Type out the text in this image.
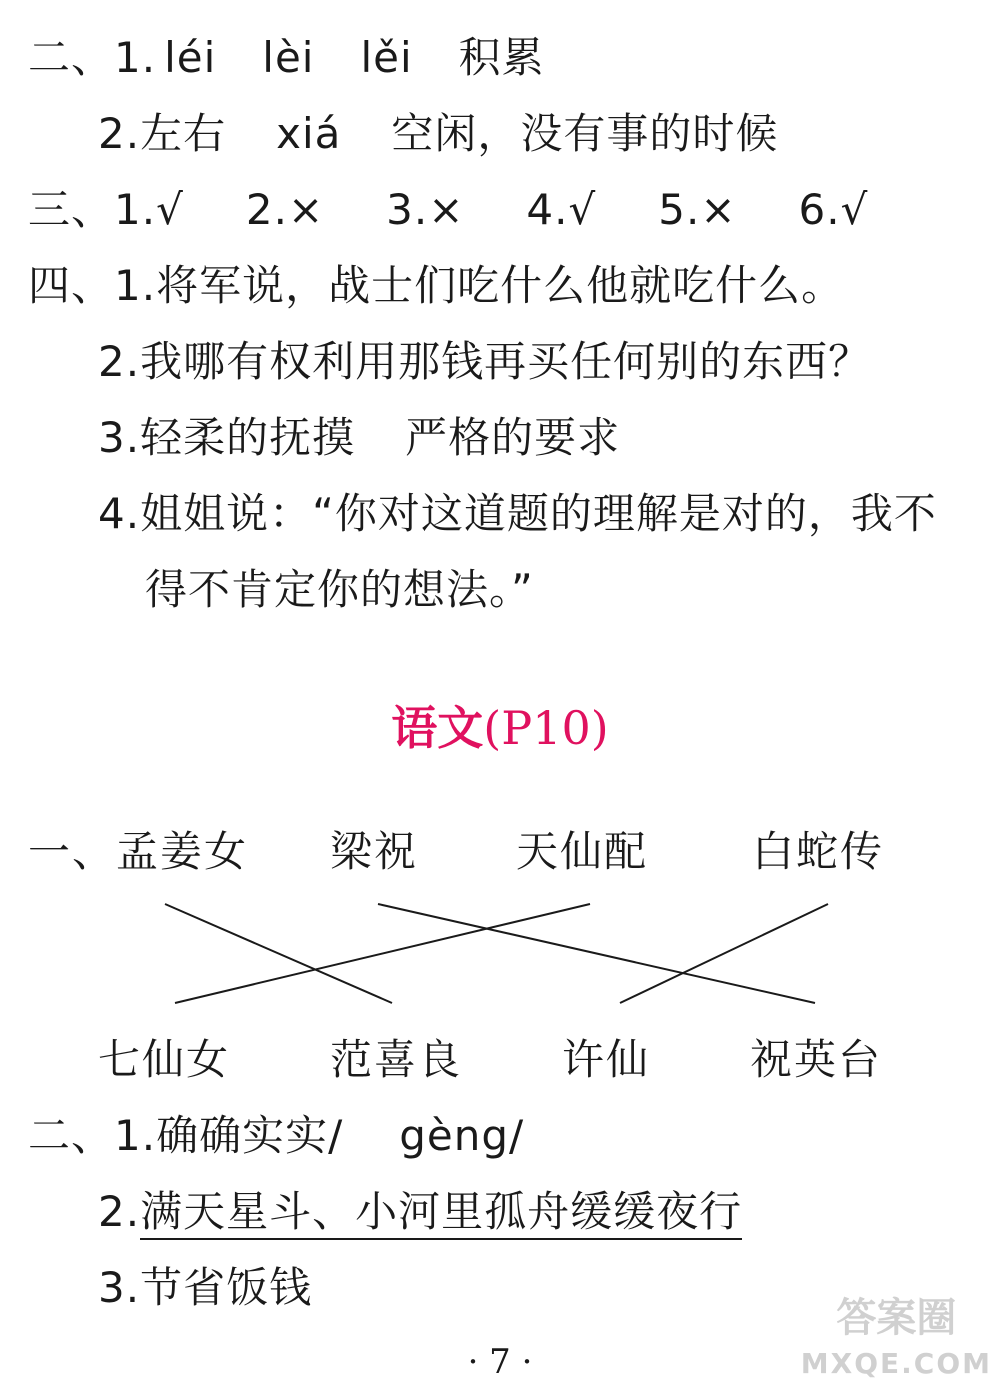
二、1. léi lèi lěi 积累
2.左右 xiá 空闲，没有事的时候
三、1.√ 2.× 3.× 4.√ 5.× 6.√
四、1.将军说，战士们吃什么他就吃什么。
2.我哪有权利用那钱再买任何别的东西？
3.轻柔的抚摸 严格的要求
4.姐姐说：“你对这道题的理解是对的，我不
得不肯定你的想法。”
语文(P10)
一、孟姜女 梁祝 天仙配 白蛇传
七仙女 范喜良 许仙 祝英台
二、1.确确实实/ gèng/
2.满天星斗、小河里孤舟缓缓夜行
3.节省饭钱
· 7 ·
答案圈
MXQE.COM
